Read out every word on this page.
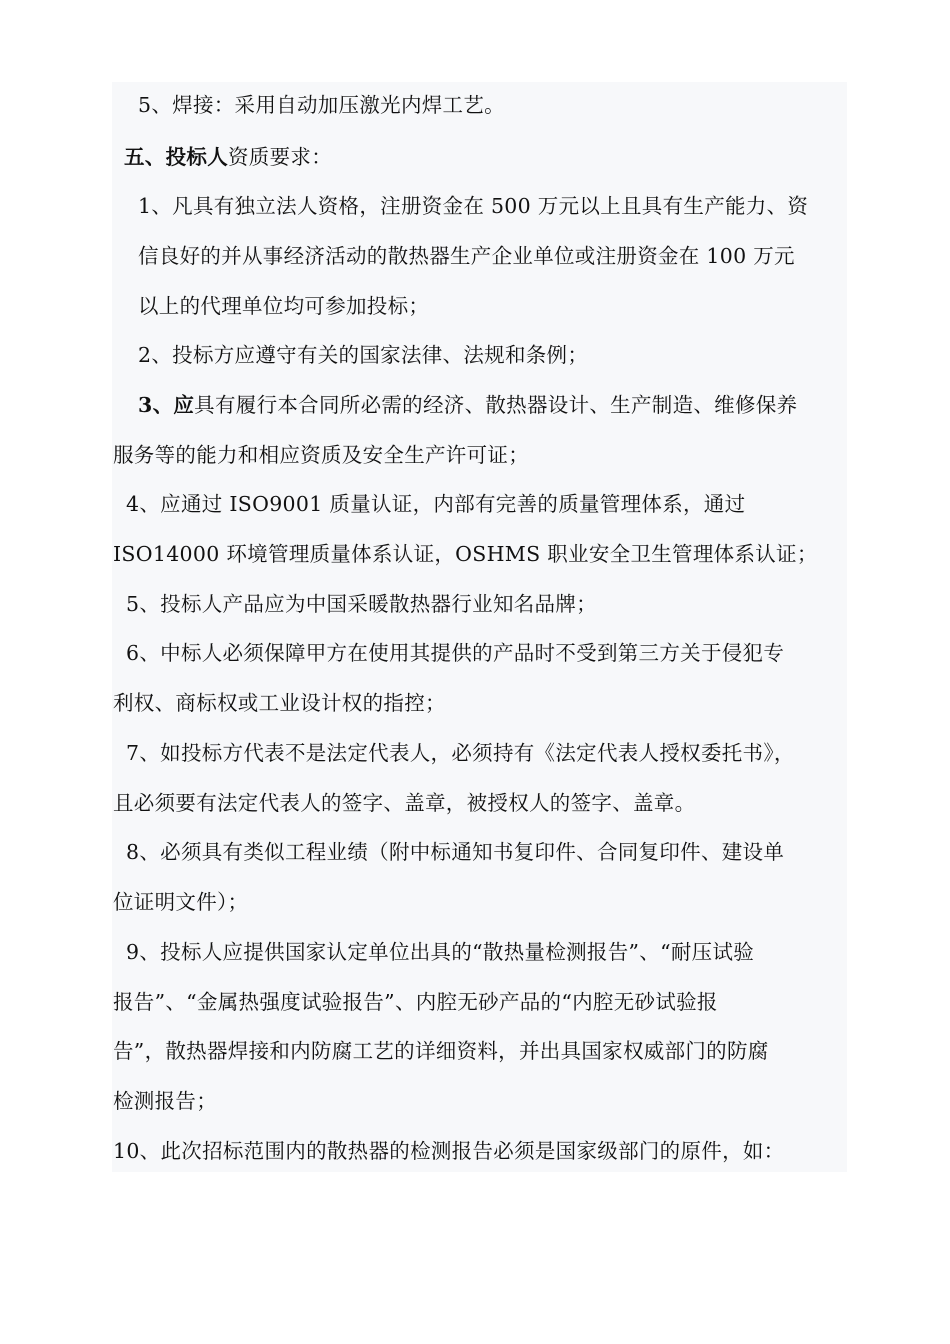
5、焊接：采用自动加压激光内焊工艺。
五、投标人资质要求：
1、凡具有独立法人资格，注册资金在 500 万元以上且具有生产能力、资
信良好的并从事经济活动的散热器生产企业单位或注册资金在 100 万元
以上的代理单位均可参加投标；
2、投标方应遵守有关的国家法律、法规和条例；
3、应具有履行本合同所必需的经济、散热器设计、生产制造、维修保养
服务等的能力和相应资质及安全生产许可证；
4、应通过 ISO9001 质量认证，内部有完善的质量管理体系，通过
ISO14000 环境管理质量体系认证，OSHMS 职业安全卫生管理体系认证；
5、投标人产品应为中国采暖散热器行业知名品牌；
6、中标人必须保障甲方在使用其提供的产品时不受到第三方关于侵犯专
利权、商标权或工业设计权的指控；
7、如投标方代表不是法定代表人，必须持有《法定代表人授权委托书》，
且必须要有法定代表人的签字、盖章，被授权人的签字、盖章。
8、必须具有类似工程业绩（附中标通知书复印件、合同复印件、建设单
位证明文件）；
9、投标人应提供国家认定单位出具的“散热量检测报告”、“耐压试验
报告”、“金属热强度试验报告”、内腔无砂产品的“内腔无砂试验报
告”，散热器焊接和内防腐工艺的详细资料，并出具国家权威部门的防腐
检测报告；
10、此次招标范围内的散热器的检测报告必须是国家级部门的原件，如：
